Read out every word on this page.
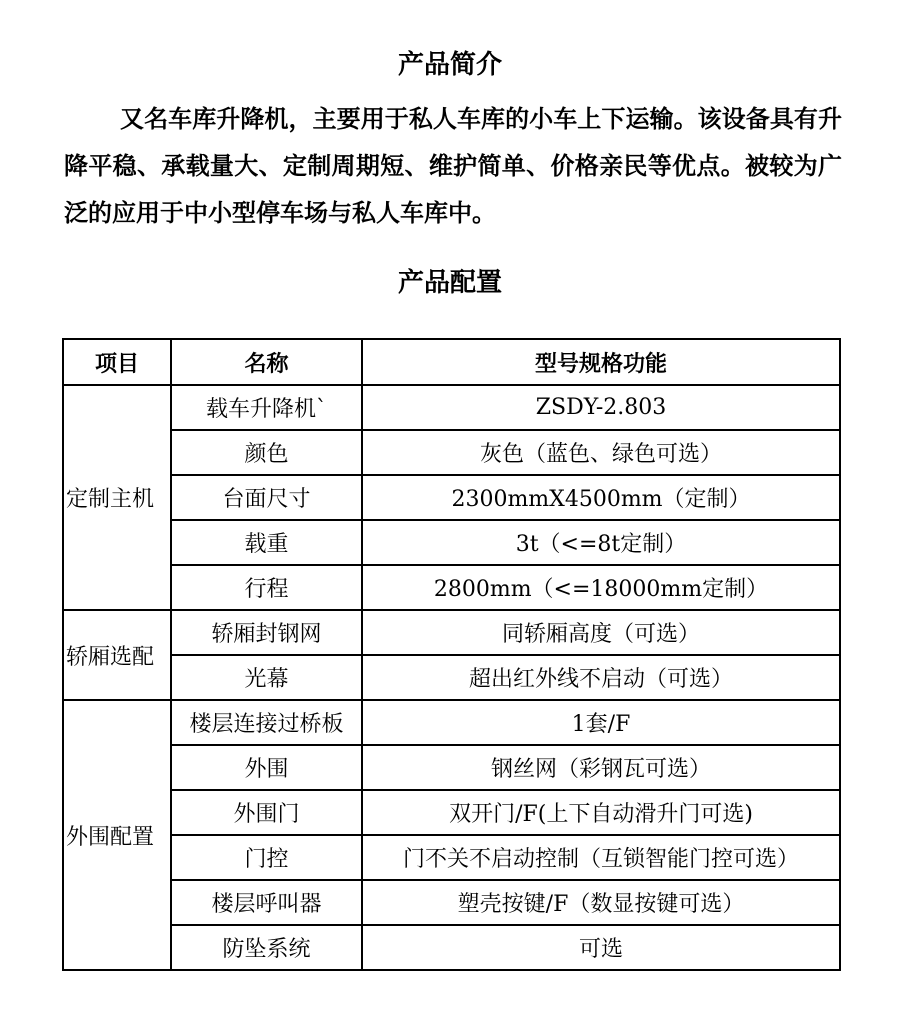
产品简介

又名车库升降机，主要用于私人车库的小车上下运输。该设备具有升降平稳、承载量大、定制周期短、维护简单、价格亲民等优点。被较为广泛的应用于中小型停车场与私人车库中。

产品配置
项目	名称	型号规格功能
定制主机	载车升降机`	ZSDY-2.803
	颜色	灰色（蓝色、绿色可选）
	台面尺寸	2300mmX4500mm（定制）
	载重	3t（<=8t定制）
	行程	2800mm（<=18000mm定制）
轿厢选配	轿厢封钢网	同轿厢高度（可选）
	光幕	超出红外线不启动（可选）
外围配置	楼层连接过桥板	1套/F
	外围	钢丝网（彩钢瓦可选）
	外围门	双开门/F(上下自动滑升门可选)
	门控	门不关不启动控制（互锁智能门控可选）
	楼层呼叫器	塑壳按键/F（数显按键可选）
	防坠系统	可选
